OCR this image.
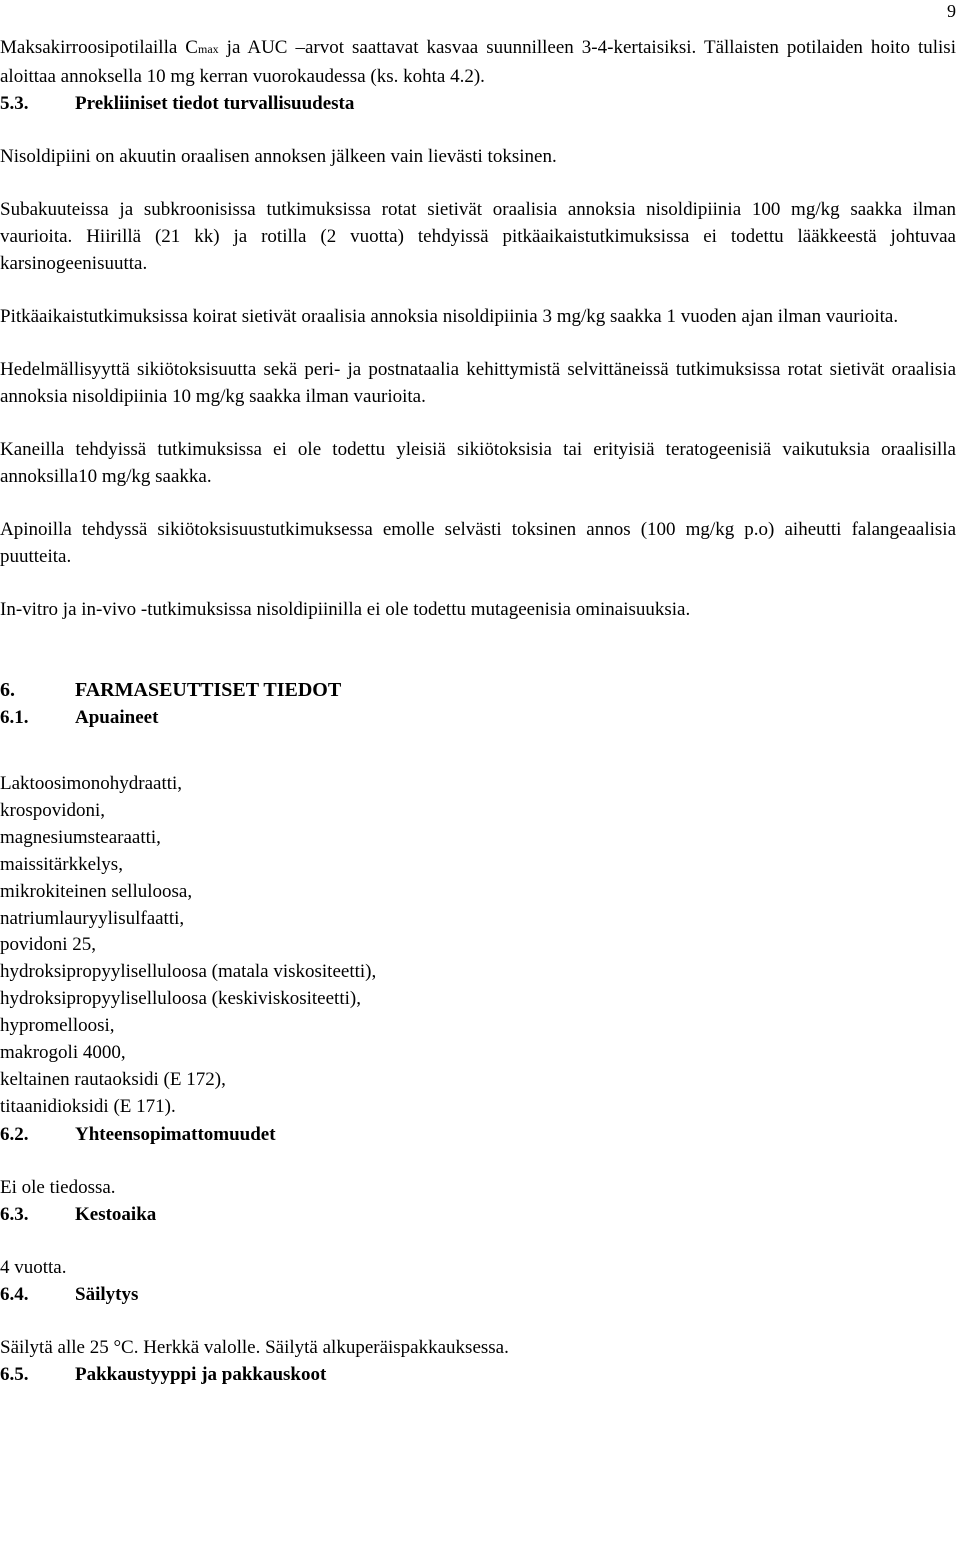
9

Maksakirroosipotilailla Cmax ja AUC –arvot saattavat kasvaa suunnilleen 3-4-kertaisiksi. Tällaisten potilaiden hoito tulisi aloittaa annoksella 10 mg kerran vuorokaudessa (ks. kohta 4.2).

5.3.	Prekliiniset tiedot turvallisuudesta

Nisoldipiini on akuutin oraalisen annoksen jälkeen vain lievästi toksinen.

Subakuuteissa ja subkroonisissa tutkimuksissa rotat sietivät oraalisia annoksia nisoldipiinia 100 mg/kg saakka ilman vaurioita. Hiirillä (21 kk) ja rotilla (2 vuotta) tehdyissä pitkäaikaistutkimuksissa ei todettu lääkkeestä johtuvaa karsinogeenisuutta.

Pitkäaikaistutkimuksissa koirat sietivät oraalisia annoksia nisoldipiinia 3 mg/kg saakka 1 vuoden ajan ilman vaurioita.

Hedelmällisyyttä sikiötoksisuutta sekä peri- ja postnataalia kehittymistä selvittäneissä tutkimuksissa rotat sietivät oraalisia annoksia nisoldipiinia 10 mg/kg saakka ilman vaurioita.

Kaneilla tehdyissä tutkimuksissa ei ole todettu yleisiä sikiötoksisia tai erityisiä teratogeenisiä vaikutuksia oraalisilla annoksilla10 mg/kg saakka.

Apinoilla tehdyssä sikiötoksisuustutkimuksessa emolle selvästi toksinen annos (100 mg/kg p.o) aiheutti falangeaalisia puutteita.

In-vitro ja in-vivo -tutkimuksissa nisoldipiinilla ei ole todettu mutageenisia ominaisuuksia.

6.	FARMASEUTTISET TIEDOT
6.1.	Apuaineet
Laktoosimonohydraatti,
krospovidoni,
magnesiumstearaatti,
maissitärkkelys,
mikrokiteinen selluloosa,
natriumlauryylisulfaatti,
povidoni 25,
hydroksipropyyliselluloosa (matala viskositeetti),
hydroksipropyyliselluloosa (keskiviskositeetti),
hypromelloosi,
makrogoli 4000,
keltainen rautaoksidi (E 172),
titaanidioksidi (E 171).
6.2.	Yhteensopimattomuudet

Ei ole tiedossa.

6.3.	Kestoaika

4 vuotta.

6.4.	Säilytys

Säilytä alle 25 °C. Herkkä valolle. Säilytä alkuperäispakkauksessa.

6.5.	Pakkaustyyppi ja pakkauskoot
